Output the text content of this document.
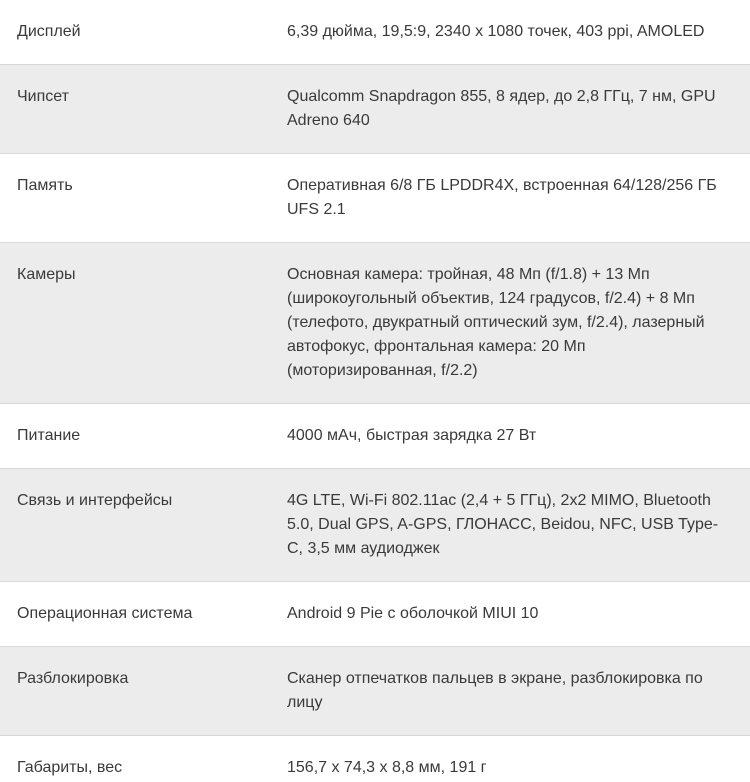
Дисплей	6,39 дюйма, 19,5:9, 2340 x 1080 точек, 403 ppi, AMOLED
Чипсет	Qualcomm Snapdragon 855, 8 ядер, до 2,8 ГГц, 7 нм, GPU Adreno 640
Память	Оперативная 6/8 ГБ LPDDR4X, встроенная 64/128/256 ГБ UFS 2.1
Камеры	Основная камера: тройная, 48 Мп (f/1.8) + 13 Мп (широкоугольный объектив, 124 градусов, f/2.4) + 8 Мп (телефото, двукратный оптический зум, f/2.4), лазерный автофокус, фронтальная камера: 20 Мп (моторизированная, f/2.2)
Питание	4000 мАч, быстрая зарядка 27 Вт
Связь и интерфейсы	4G LTE, Wi-Fi 802.11ac (2,4 + 5 ГГц), 2x2 MIMO, Bluetooth 5.0, Dual GPS, A-GPS, ГЛОНАСС, Beidou, NFC, USB Type-C, 3,5 мм аудиоджек
Операционная система	Android 9 Pie с оболочкой MIUI 10
Разблокировка	Сканер отпечатков пальцев в экране, разблокировка по лицу
Габариты, вес	156,7 x 74,3 x 8,8 мм, 191 г
